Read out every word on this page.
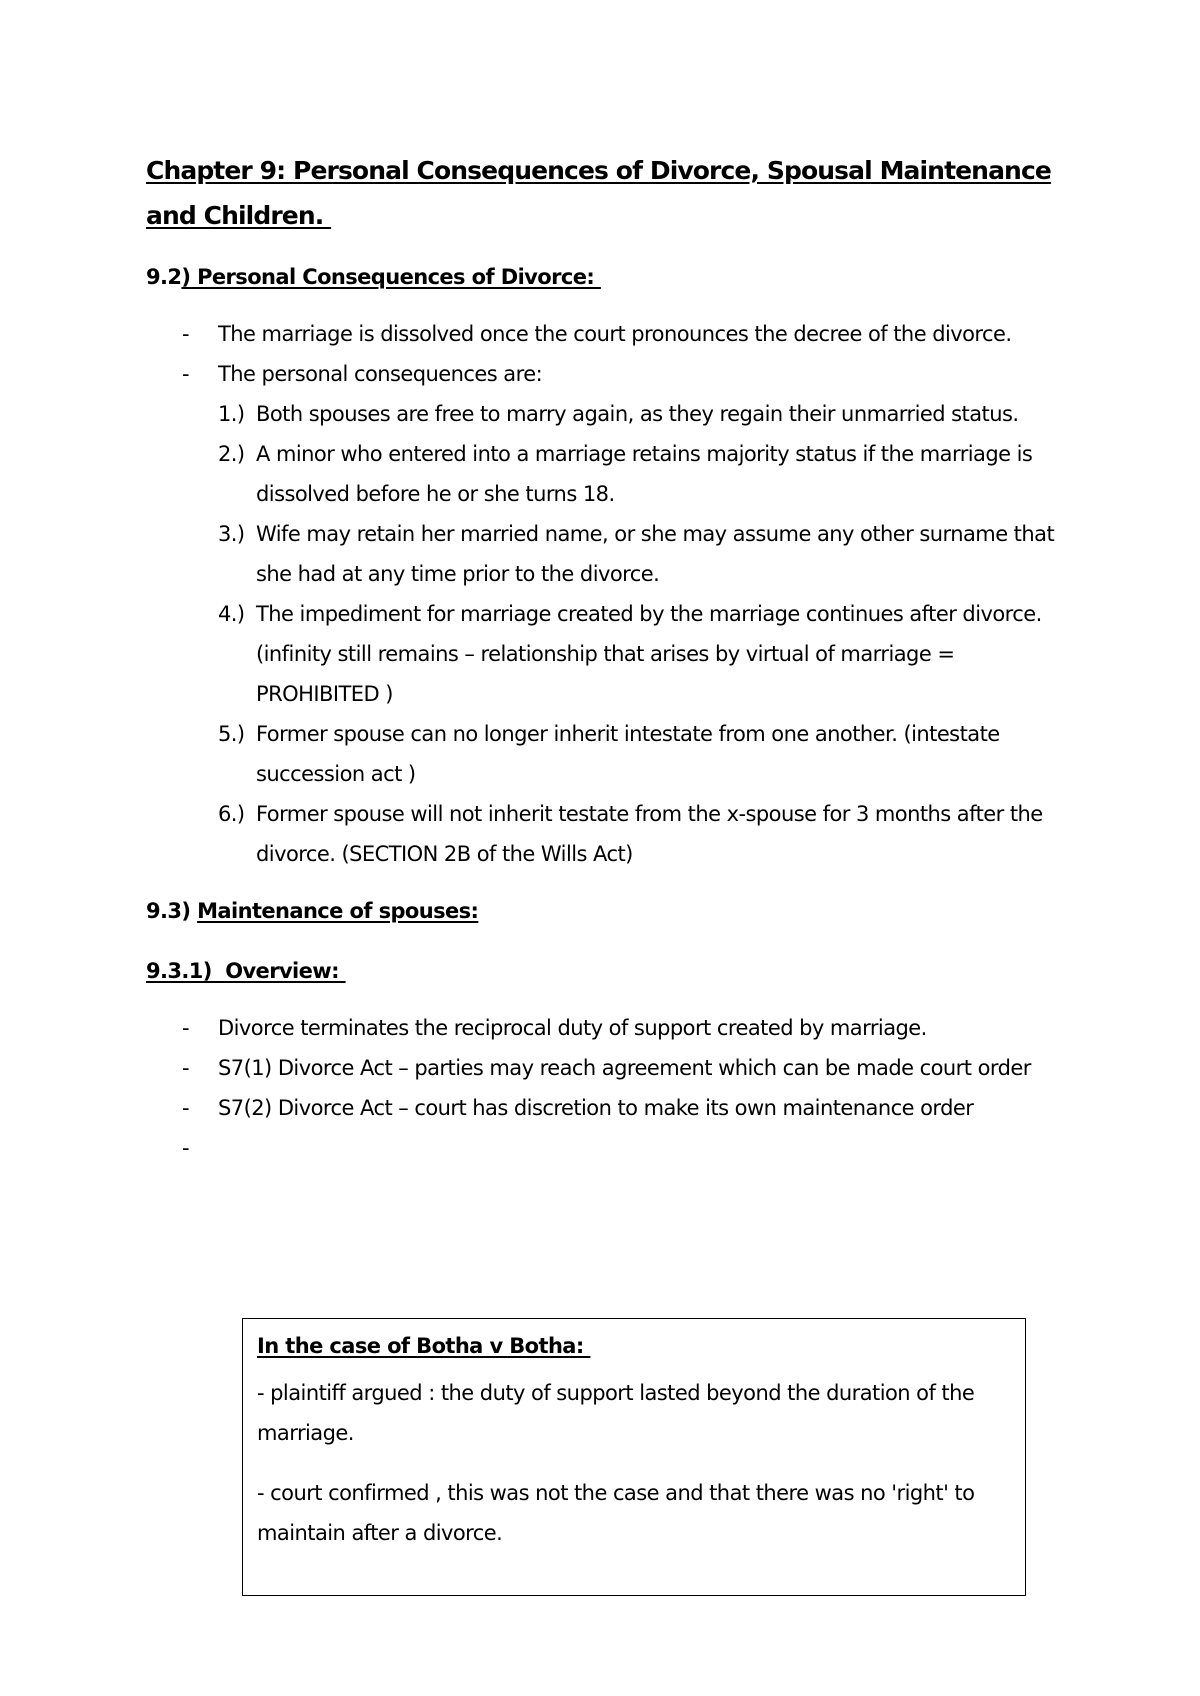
Chapter 9: Personal Consequences of Divorce, Spousal Maintenance
and Children.
9.2) Personal Consequences of Divorce:
- The marriage is dissolved once the court pronounces the decree of the divorce.
- The personal consequences are:
1.) Both spouses are free to marry again, as they regain their unmarried status.
2.) A minor who entered into a marriage retains majority status if the marriage is dissolved before he or she turns 18.
3.) Wife may retain her married name, or she may assume any other surname that she had at any time prior to the divorce.
4.) The impediment for marriage created by the marriage continues after divorce. (infinity still remains – relationship that arises by virtual of marriage = PROHIBITED )
5.) Former spouse can no longer inherit intestate from one another. (intestate succession act )
6.) Former spouse will not inherit testate from the x-spouse for 3 months after the divorce. (SECTION 2B of the Wills Act)
9.3) Maintenance of spouses:
9.3.1)  Overview:
- Divorce terminates the reciprocal duty of support created by marriage.
- S7(1) Divorce Act – parties may reach agreement which can be made court order
- S7(2) Divorce Act – court has discretion to make its own maintenance order
-

In the case of Botha v Botha:

- plaintiff argued : the duty of support lasted beyond the duration of the marriage.

- court confirmed , this was not the case and that there was no 'right' to maintain after a divorce.
